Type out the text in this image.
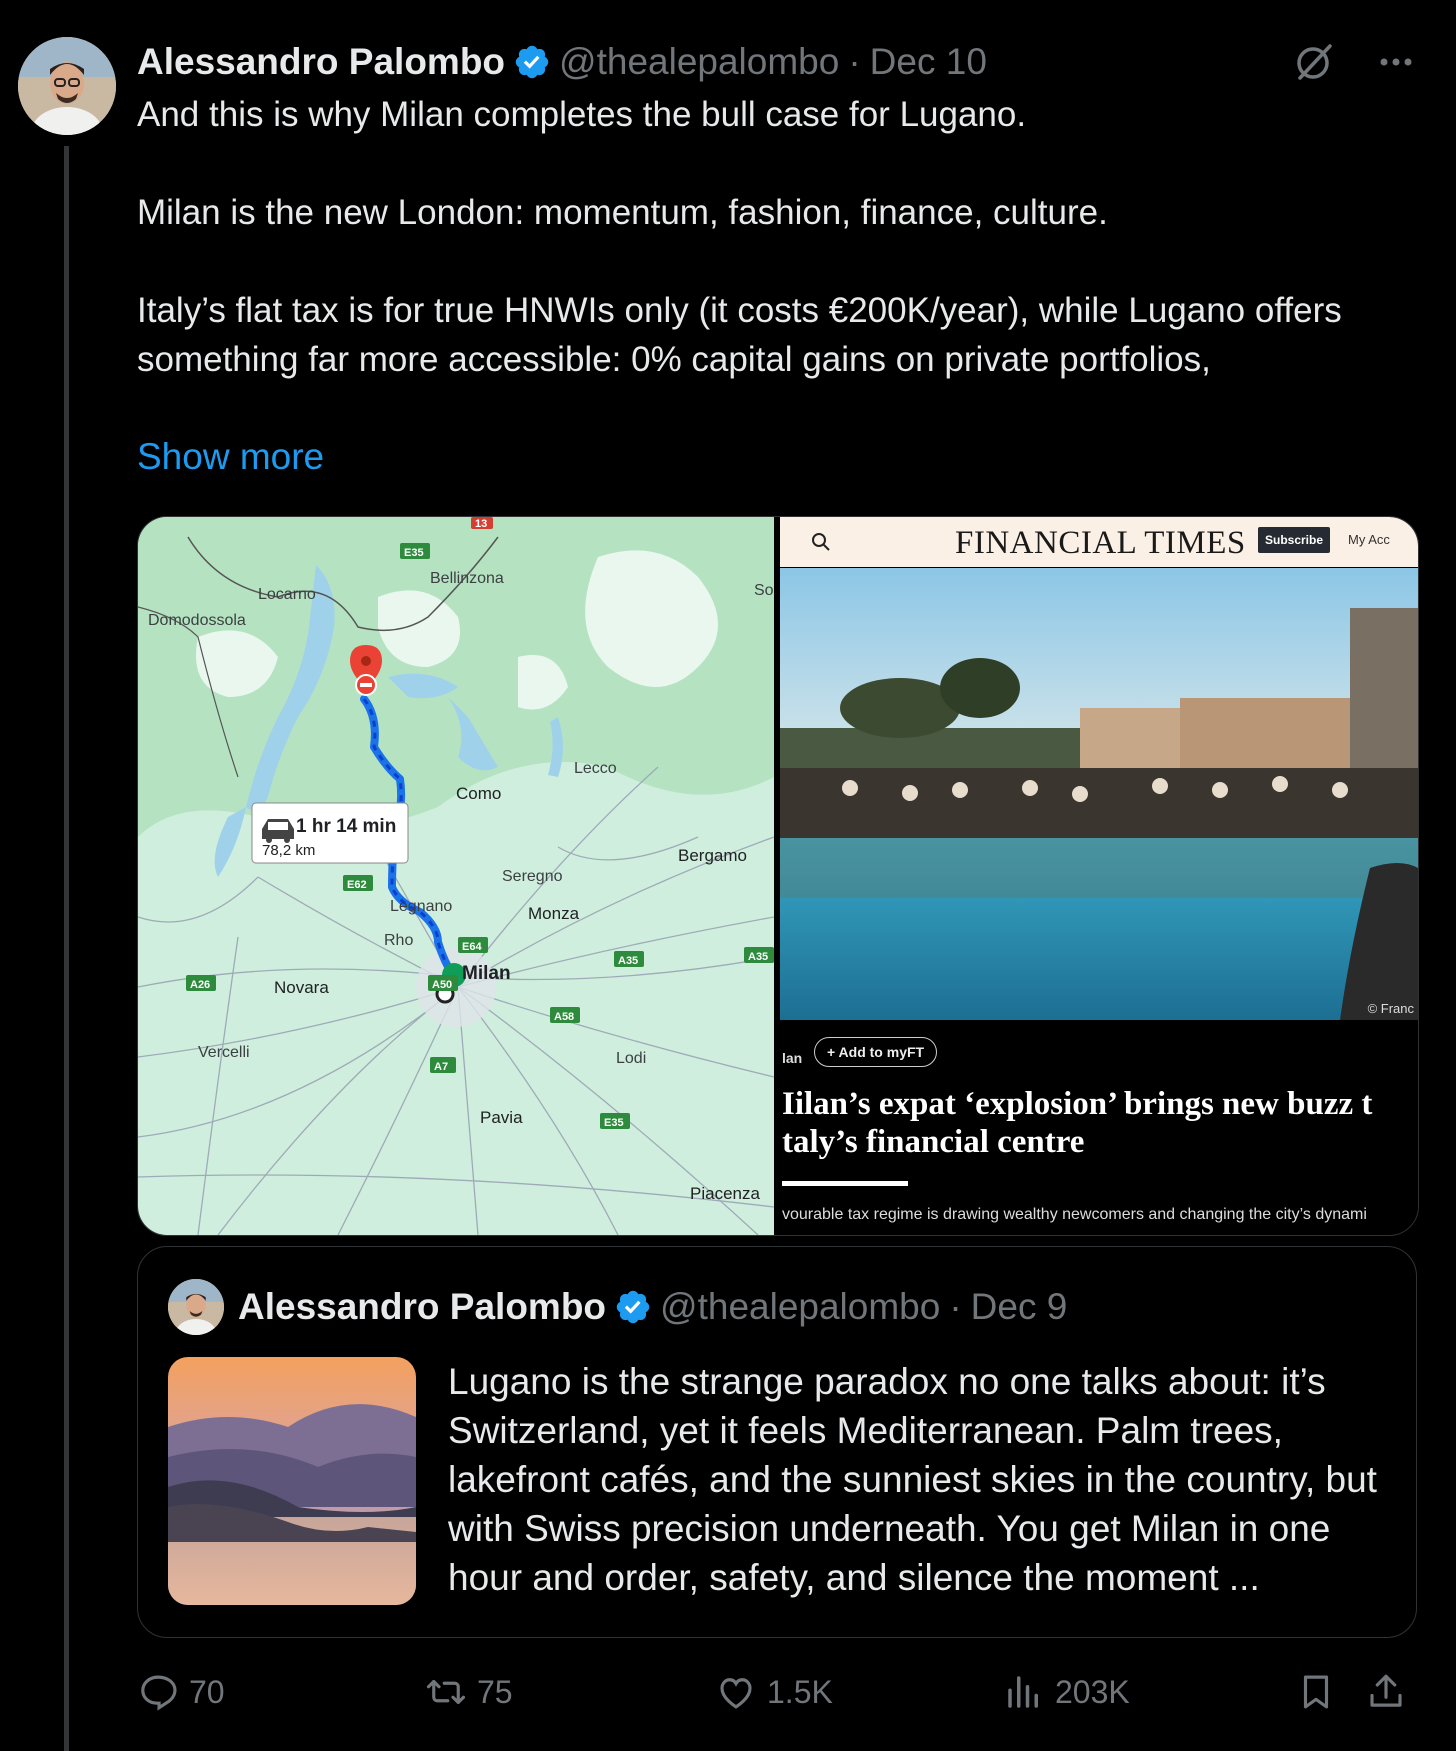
Alessandro Palombo @thealepalombo · Dec 10
And this is why Milan completes the bull case for Lugano.

Milan is the new London: momentum, fashion, finance, culture.

Italy’s flat tax is for true HNWIs only (it costs €200K/year), while Lugano offers something far more accessible: 0% capital gains on private portfolios,
Show more
1 hr 14 min
78,2 km
Locarno
Bellinzona
Domodossola
So
Lecco
Como
Bergamo
Seregno
Legnano	Monza
Rho
Milan
Novara
Vercelli	Lodi
Pavia
Piacenza
E35
13
E62
E64
A35	A35
A26	A50
A58
A7
E35
FINANCIAL TIMES	Subscribe	My Acc
© Franc
lan	+ Add to myFT
Iilan’s expat ‘explosion’ brings new buzz t
taly’s financial centre
vourable tax regime is drawing wealthy newcomers and changing the city’s dynami
Alessandro Palombo @thealepalombo · Dec 9
Lugano is the strange paradox no one talks about: it’s Switzerland, yet it feels Mediterranean. Palm trees, lakefront cafés, and the sunniest skies in the country, but with Swiss precision underneath. You get Milan in one hour and order, safety, and silence the moment ...
70	75	1.5K	203K
